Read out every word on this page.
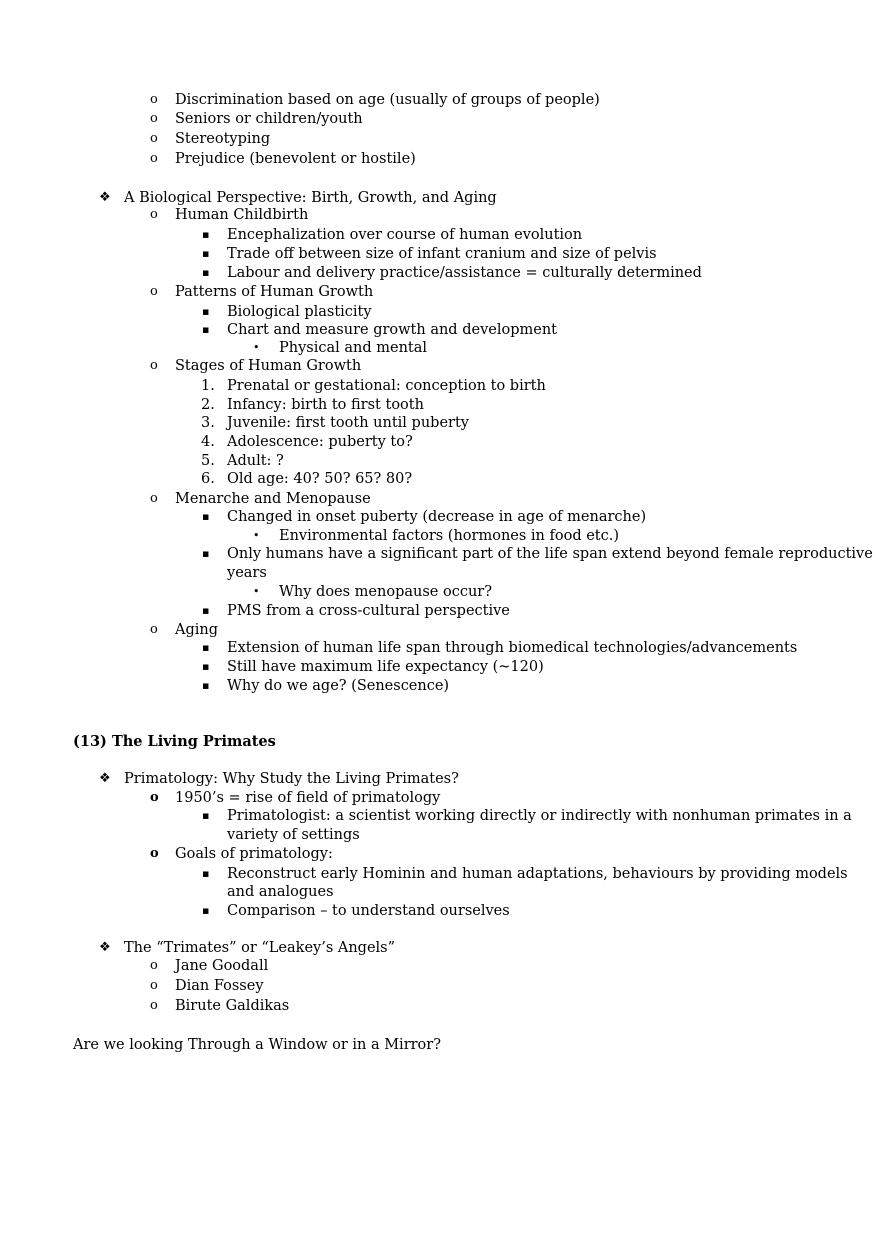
o	Discrimination based on age (usually of groups of people)
o	Seniors or children/youth
o	Stereotyping
o	Prejudice (benevolent or hostile)
❖ A Biological Perspective: Birth, Growth, and Aging
o	Human Childbirth
▪	Encephalization over course of human evolution
▪	Trade off between size of infant cranium and size of pelvis
▪	Labour and delivery practice/assistance = culturally determined
o	Patterns of Human Growth
▪	Biological plasticity
▪	Chart and measure growth and development
•	Physical and mental
o	Stages of Human Growth
1. Prenatal or gestational: conception to birth
2. Infancy: birth to first tooth
3. Juvenile: first tooth until puberty
4. Adolescence: puberty to?
5. Adult: ?
6. Old age: 40? 50? 65? 80?
o	Menarche and Menopause
▪	Changed in onset puberty (decrease in age of menarche)
•	Environmental factors (hormones in food etc.)
▪	Only humans have a significant part of the life span extend beyond female reproductive
years
•	Why does menopause occur?
▪	PMS from a cross-cultural perspective
o	Aging
▪	Extension of human life span through biomedical technologies/advancements
▪	Still have maximum life expectancy (~120)
▪	Why do we age? (Senescence)
(13) The Living Primates
❖ Primatology: Why Study the Living Primates?
o	1950’s = rise of field of primatology
▪	Primatologist: a scientist working directly or indirectly with nonhuman primates in a
variety of settings
o	Goals of primatology:
▪	Reconstruct early Hominin and human adaptations, behaviours by providing models
and analogues
▪	Comparison – to understand ourselves
❖ The “Trimates” or “Leakey’s Angels”
o	Jane Goodall
o	Dian Fossey
o	Birute Galdikas
Are we looking Through a Window or in a Mirror?
